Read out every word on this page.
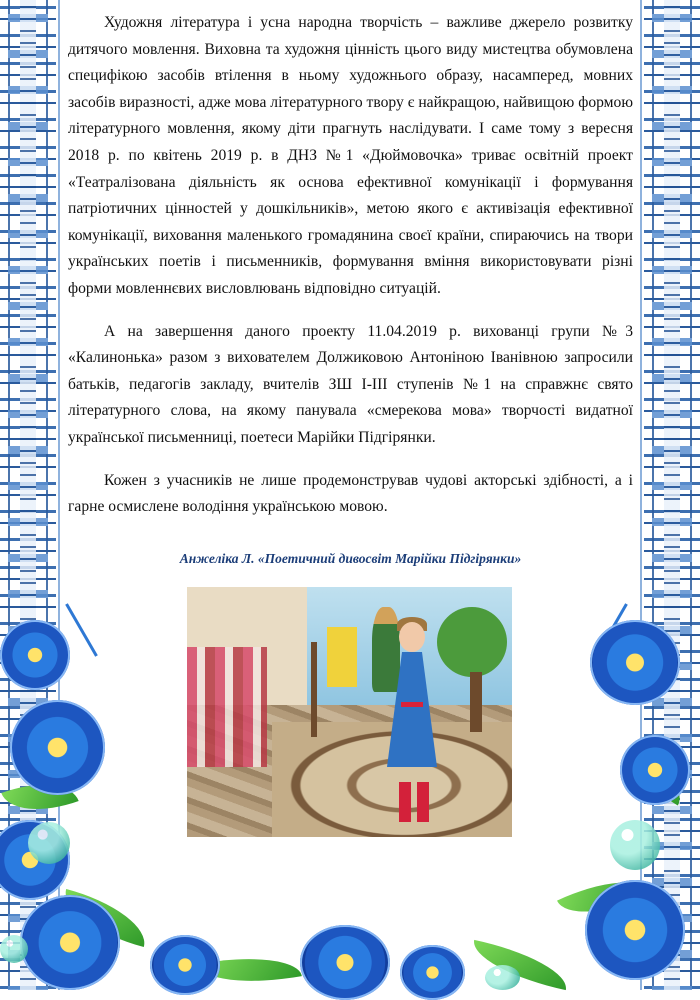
Художня література і усна народна творчість – важливе джерело розвитку дитячого мовлення. Виховна та художня цінність цього виду мистецтва обумовлена специфікою засобів втілення в ньому художнього образу, насамперед, мовних засобів виразності, адже мова літературного твору є найкращою, найвищою формою літературного мовлення, якому діти прагнуть наслідувати. І саме тому з вересня 2018 р. по квітень 2019 р. в ДНЗ №1 «Дюймовочка» триває освітній проект «Театралізована діяльність як основа ефективної комунікації і формування патріотичних цінностей у дошкільників», метою якого є активізація ефективної комунікації, виховання маленького громадянина своєї країни, спираючись на твори українських поетів і письменників, формування вміння використовувати різні форми мовленнєвих висловлювань відповідно ситуацій.

А на завершення даного проекту 11.04.2019 р. вихованці групи №3 «Калинонька» разом з вихователем Должиковою Антоніною Іванівною запросили батьків, педагогів закладу, вчителів ЗШ І-ІІІ ступенів №1 на справжнє свято літературного слова, на якому панувала «смерекова мова» творчості видатної української письменниці, поетеси Марійки Підгірянки.

Кожен з учасників не лише продемонстрував чудові акторські здібності, а і гарне осмислене володіння українською мовою.

Анжеліка Л. «Поетичний дивосвіт Марійки Підгірянки»
